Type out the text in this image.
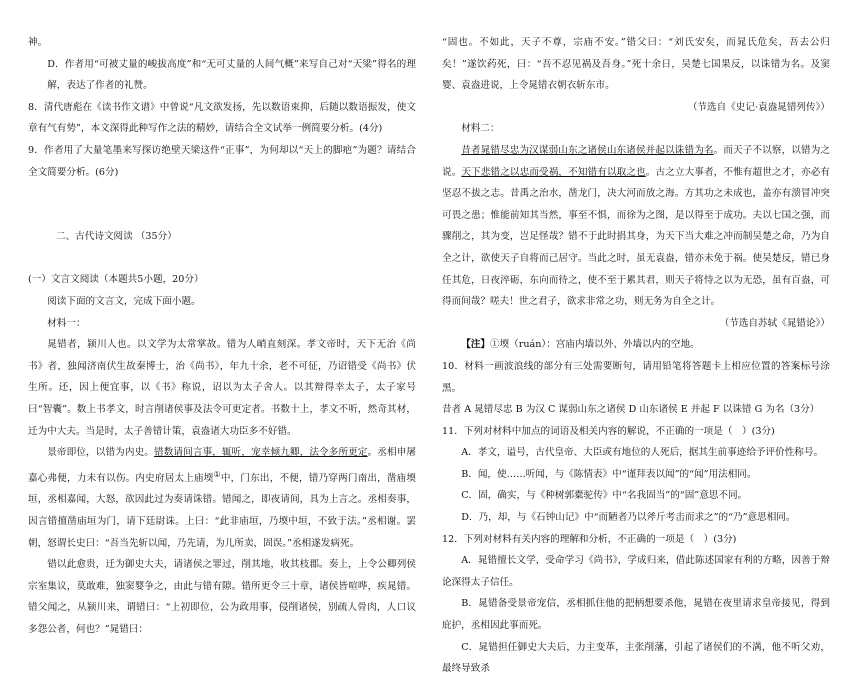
神。
D．作者用“可被丈量的峻拔高度”和“无可丈量的人间气概”来写自己对“天梁”得名的理解，表达了作者的礼赞。
8．清代唐彪在《读书作文谱》中曾说“凡文欲发扬，先以数语束抑，后随以数语振发，使文章有气有势”，本文深得此种写作之法的精妙，请结合全文试举一例简要分析。(4分)
9．作者用了大量笔墨来写探访绝壁天梁这件“正事”，为何却以“天上的脚疤”为题？请结合全文简要分析。(6分)
二、古代诗文阅读 （35分）
(一）文言文阅读（本题共5小题，20分）
阅读下面的文言文，完成下面小题。
材料一：
晁错者，颍川人也。以文学为太常掌故。错为人峭直刻深。孝文帝时，天下无治《尚书》者，独闻济南伏生故秦博士，治《尚书》，年九十余，老不可征，乃诏错受《尚书》伏生所。还，因上便宜事，以《书》称说，诏以为太子舍人。以其辩得幸太子，太子家号曰“智囊”。数上书孝文，时言削诸侯事及法令可更定者。书数十上，孝文不听，然奇其材，迁为中大夫。当是时，太子善错计策，袁盎诸大功臣多不好错。
景帝即位，以错为内史。错数请间言事，辄听，宠幸倾九卿，法令多所更定。丞相申屠嘉心弗便，力未有以伤。内史府居太上庙堧①中，门东出，不便，错乃穿两门南出，凿庙堧垣，丞相嘉闻，大怒，欲因此过为奏请诛错。错闻之，即夜请间，具为上言之。丞相奏事，因言错擅凿庙垣为门，请下廷尉诛。上曰：“此非庙垣，乃堧中垣，不致于法。”丞相谢。罢朝，怒谓长史曰：“吾当先斩以闻，乃先请，为儿所卖，固误。”丞相遂发病死。
错以此愈贵，迁为御史大夫，请诸侯之罪过，削其地，收其枝郡。奏上，上令公卿列侯宗室集议，莫敢难，独窦婴争之，由此与错有隙。错所更令三十章，诸侯皆喧哗，疾晁错。错父闻之，从颍川来，谓错曰：“上初即位，公为政用事，侵削诸侯，别疏人骨肉，人口议多怨公者，何也？”晁错曰：
“固也。不如此，天子不尊，宗庙不安。”错父曰：“刘氏安矣，而晁氏危矣，吾去公归矣！”遂饮药死，曰：“吾不忍见祸及吾身。”死十余日，吴楚七国果反，以诛错为名。及窦婴、袁盎进说，上令晁错衣朝衣斩东市。
（节选自《史记·袁盎晁错列传》）
材料二：
昔者晁错尽忠为汉谋弱山东之诸侯山东诸侯并起以诛错为名。而天子不以察，以错为之说。天下悲错之以忠而受祸，不知错有以取之也。古之立大事者，不惟有超世之才，亦必有坚忍不拔之志。昔禹之治水，凿龙门，决大河而放之海。方其功之未成也，盖亦有溃冒冲突可畏之患；惟能前知其当然，事至不惧，而徐为之图，是以得至于成功。夫以七国之强，而骤削之，其为变，岂足怪哉？错不于此时捐其身，为天下当大难之冲而制吴楚之命，乃为自全之计，欲使天子自将而己居守。当此之时，虽无袁盎，错亦未免于祸。使吴楚反，错已身任其危，日夜淬砺，东向而待之，使不至于累其君，则天子将恃之以为无恐，虽有百盎，可得而间哉？嗟夫！世之君子，欲求非常之功，则无务为自全之计。
（节选自苏轼《晁错论》）
【注】①堧（ruán）：宫庙内墙以外、外墙以内的空地。
10．材料一画波浪线的部分有三处需要断句，请用铅笔将答题卡上相应位置的答案标号涂黑。
昔者 A 晁错尽忠 B 为汉 C 谋弱山东之诸侯 D 山东诸侯 E 并起 F 以诛错 G 为名（3分）
11．下列对材料中加点的词语及相关内容的解说，不正确的一项是（　）(3分)
A．孝文，谥号，古代皇帝、大臣或有地位的人死后，据其生前事迹给予评价性称号。
B．闻，使……听闻，与《陈情表》中“谨拜表以闻”的“闻”用法相同。
C．固，确实，与《种树郭橐驼传》中“名我固当”的“固”意思不同。
D．乃，却，与《石钟山记》中“而陋者乃以斧斤考击而求之”的“乃”意思相同。
12．下列对材料有关内容的理解和分析，不正确的一项是（　）(3分)
A．晁错擅长文学，受命学习《尚书》，学成归来，借此陈述国家有利的方略，因善于辩论深得太子信任。
B．晁错备受景帝宠信，丞相抓住他的把柄想要杀他，晁错在夜里请求皇帝接见，得到庇护，丞相因此事而死。
C．晁错担任御史大夫后，力主变革，主张削藩，引起了诸侯们的不满，他不听父劝，最终导致杀
